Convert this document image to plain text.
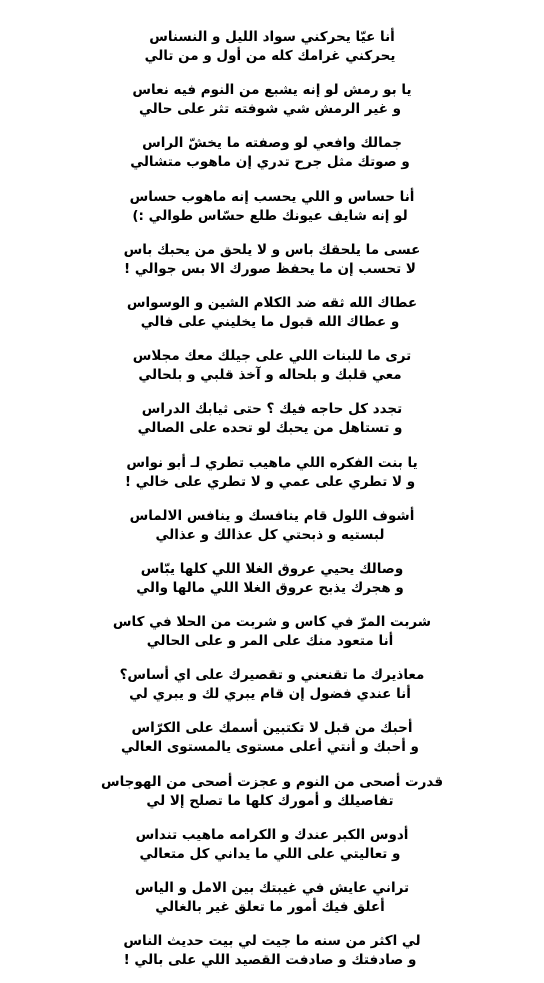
أنا عيّا يحركني سواد الليل و النسناس
يحركني غرامك كله من أول و من تالي
يا بو رمش لو إنه يشبع من النوم فيه نعاس
و غير الرمش شي شوفته تثر على حالي
جمالك وافعي لو وصفته ما يخشّ الراس
و صوتك مثل جرح تدري إن ماهوب متشالي
أنا حساس و اللي يحسب إنه ماهوب حساس
لو إنه شايف عيونك طلع حسّاس طوالي :)
عسى ما يلحقك باس و لا يلحق من يحبك باس
لا تحسب إن ما يحفظ صورك الا بس جوالي !
عطاك الله ثقه ضد الكلام الشين و الوسواس
و عطاك الله قبول ما يخليني على فالي
ترى ما للبنات اللي على جيلك معك مجلاس
معي قلبك و بلحاله و آخذ قلبي و بلحالي
تجدد كل حاجه فيك ؟ حتى ثيابك الدراس
و تستاهل من يحبك لو تحده على الصالي
يا بنت الفكره اللي ماهيب تطري لـ أبو نواس
و لا تطري على عمي و لا تطري على خالي !
أشوف اللول قام ينافسك و ينافس الالماس
لبستيه و ذبحتي كل عذالك و عذالي
وصالك يحيي عروق الغلا اللي كلها يبّاس
و هجرك يذبح عروق الغلا اللي مالها والي
شربت المرّ في كاس و شربت من الحلا في كاس
أنا متعود منك على المر و على الحالي
معاذيرك ما تقنعني و تقصيرك على اي أساس؟
أنا عندي فضول إن قام يبري لك و يبري لي
أحبك من قبل لا تكتبين أسمك على الكرّاس
و أحبك و أنتي أعلى مستوى يالمستوى العالي
قدرت أصحى من النوم و عجزت أصحى من الهوجاس
تفاصيلك و أمورك كلها ما تصلح إلا لي
أدوس الكبر عندك و الكرامه ماهيب تنداس
و تعاليتي على اللي ما يداني كل متعالي
تراني عايش في غيبتك بين الامل و الياس
أعلق فيك أمور ما تعلق غير بالغالي
لي اكثر من سنه ما جيت لي بيت حديث الناس
و صادفتك و صادفت القصيد اللي على بالي !
